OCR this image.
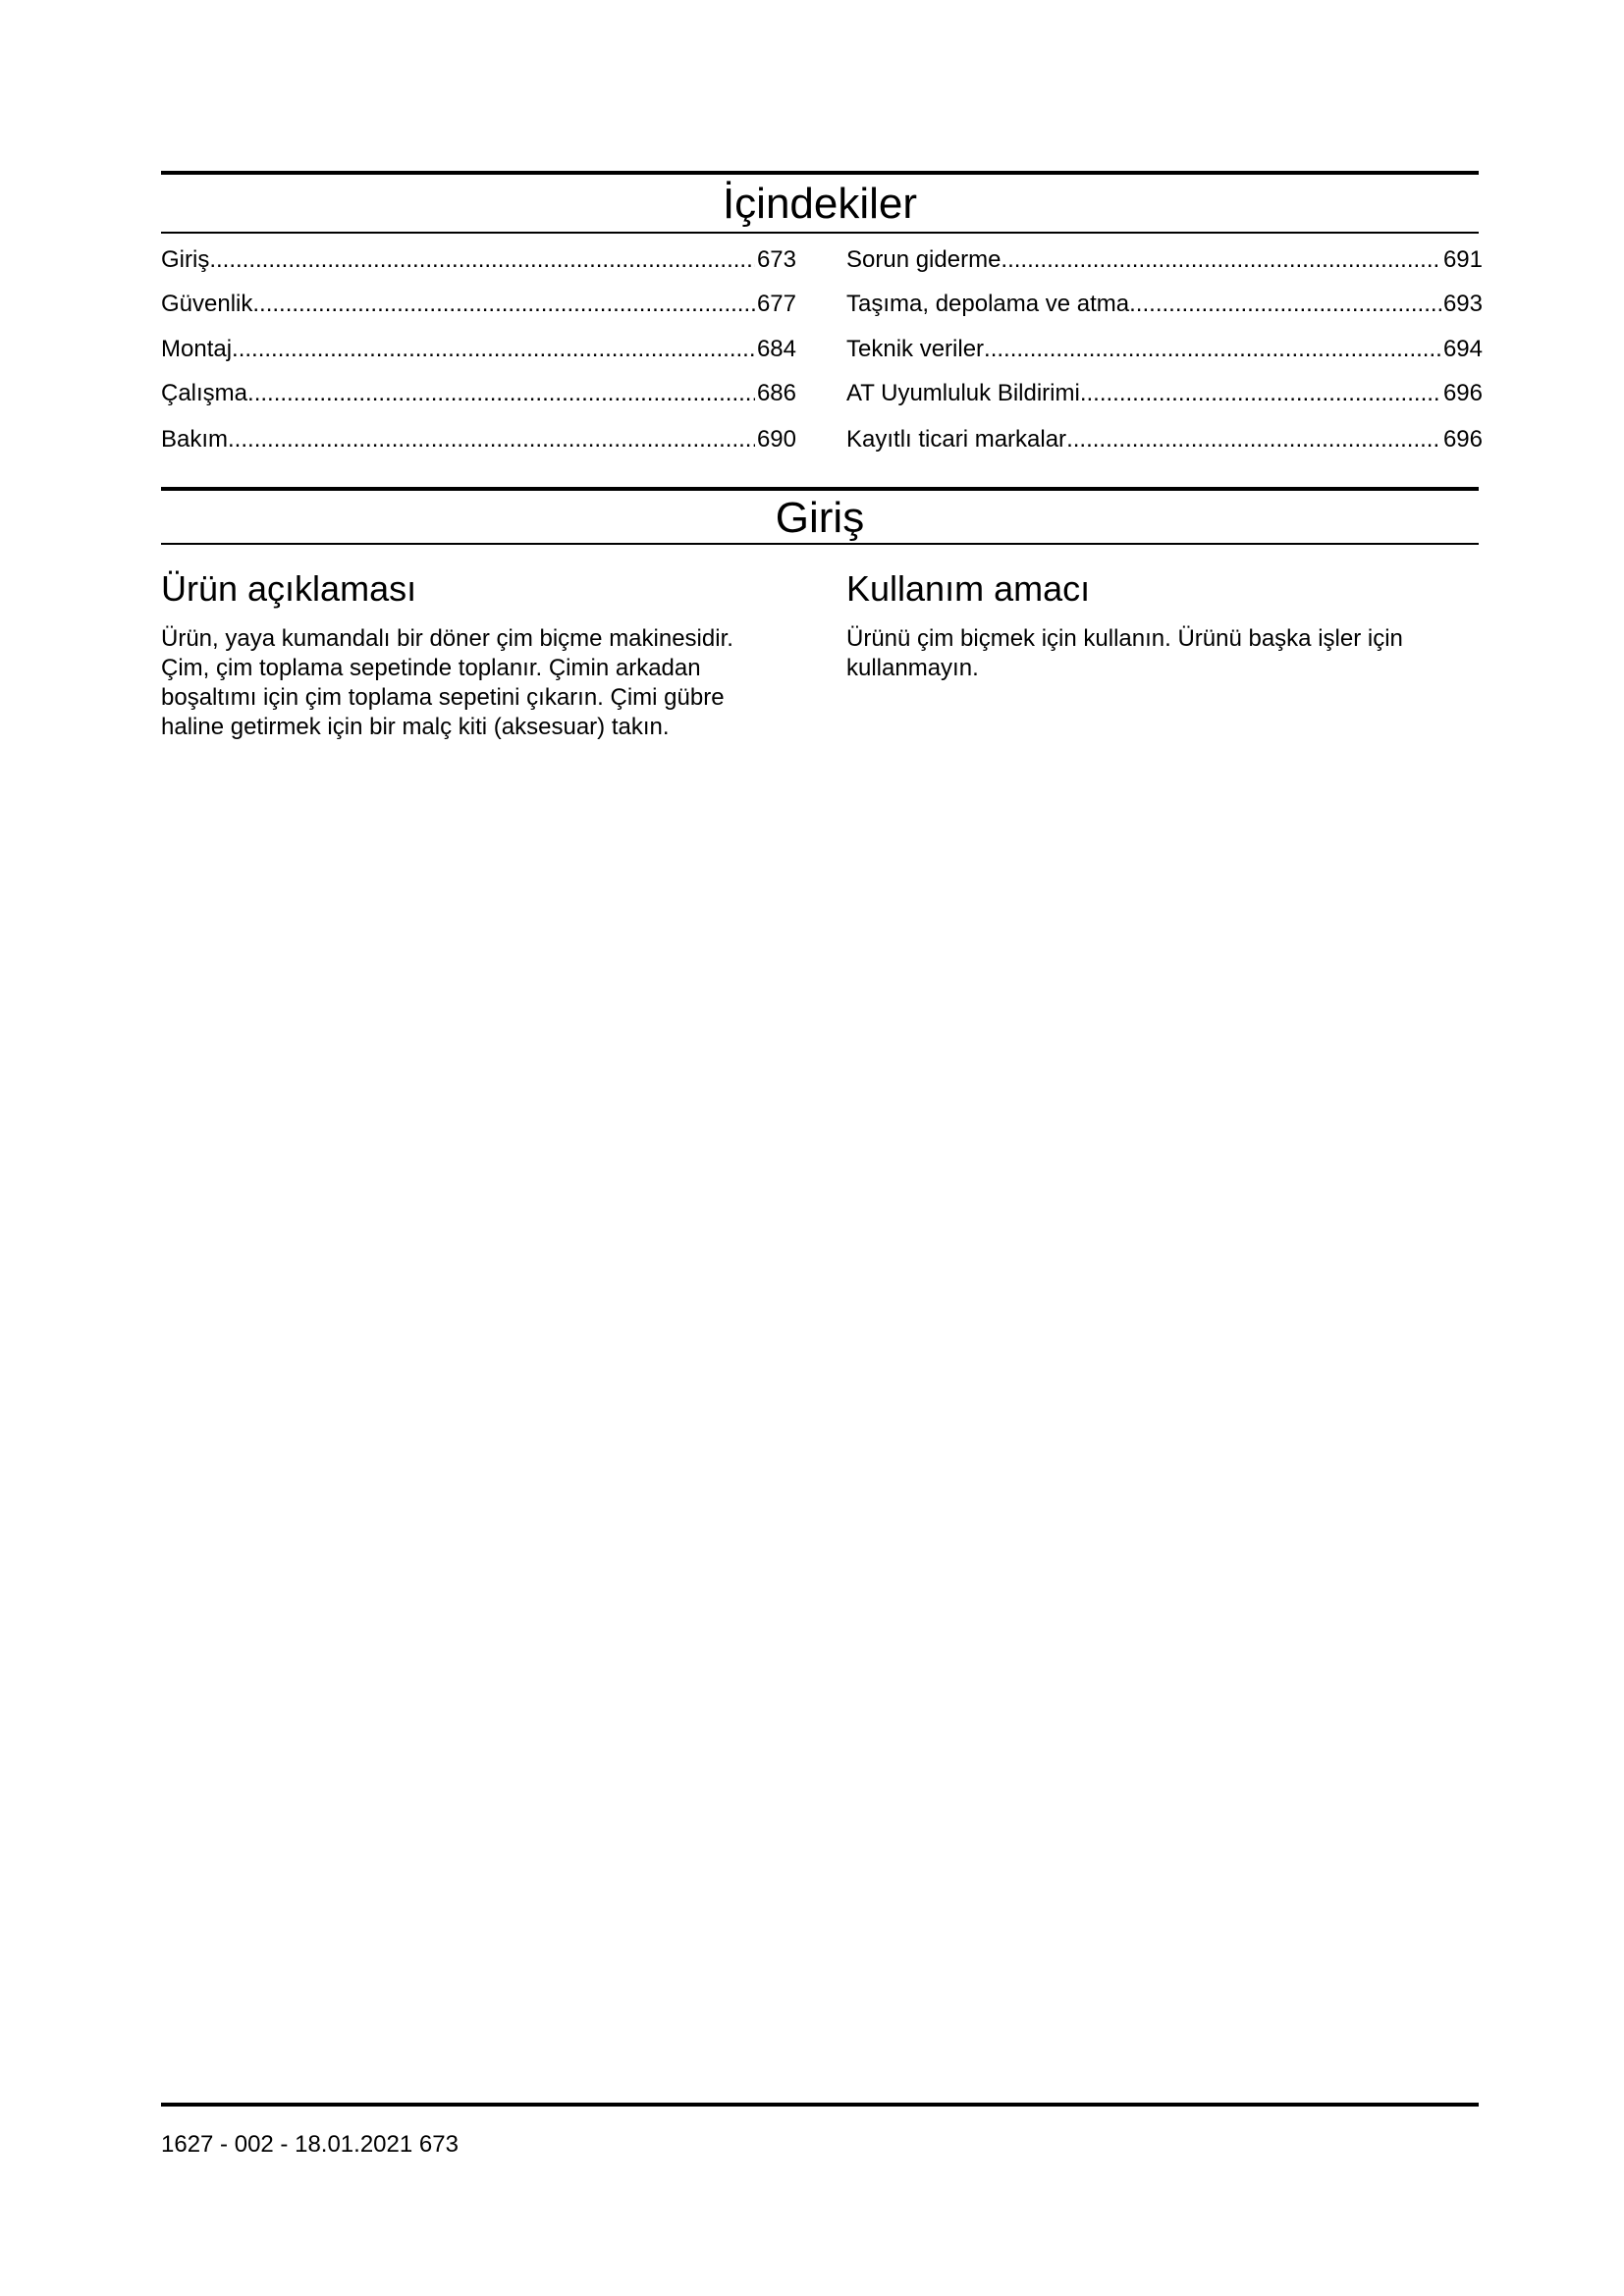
İçindekiler
Giriş .....	673
Güvenlik .....	677
Montaj .....	684
Çalışma .....	686
Bakım .....	690
Sorun giderme .....	691
Taşıma, depolama ve atma .....	693
Teknik veriler .....	694
AT Uyumluluk Bildirimi .....	696
Kayıtlı ticari markalar .....	696
Giriş
Ürün açıklaması
Ürün, yaya kumandalı bir döner çim biçme makinesidir.
Çim, çim toplama sepetinde toplanır. Çimin arkadan
boşaltımı için çim toplama sepetini çıkarın. Çimi gübre
haline getirmek için bir malç kiti (aksesuar) takın.
Kullanım amacı
Ürünü çim biçmek için kullanın. Ürünü başka işler için
kullanmayın.
1627 - 002 - 18.01.2021 673
